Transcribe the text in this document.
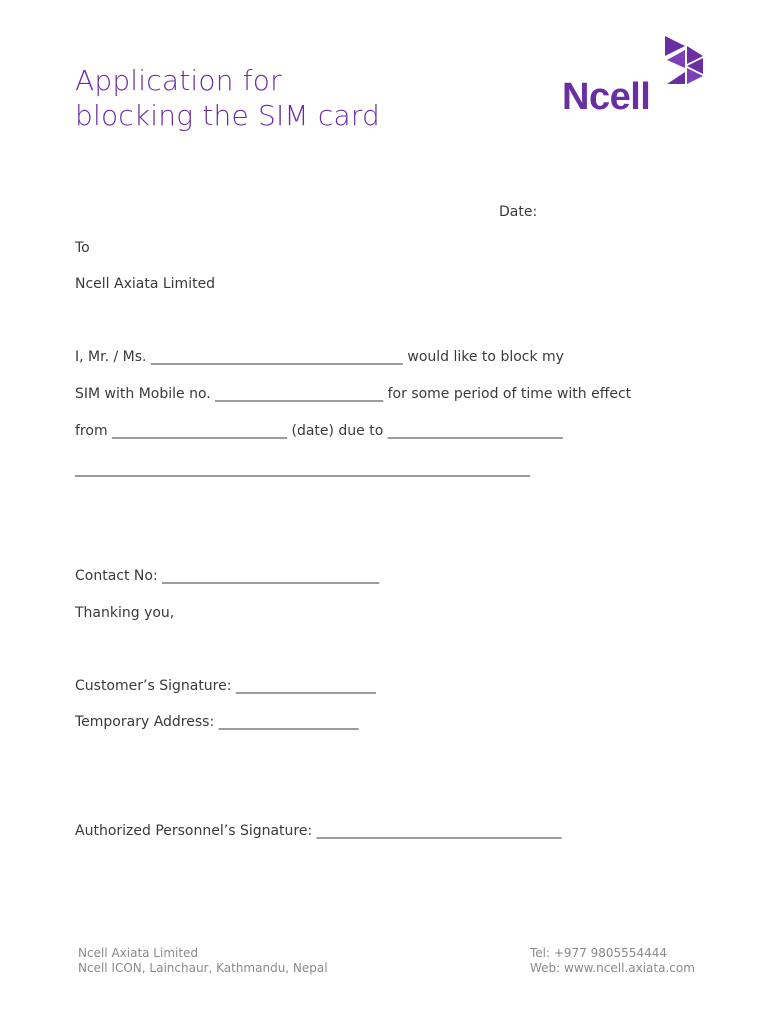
Application for
blocking the SIM card	Ncell
Date:
To
Ncell Axiata Limited
I, Mr. / Ms. ____________________________________ would like to block my
SIM with Mobile no. ________________________ for some period of time with effect
from _________________________ (date) due to _________________________
_________________________________________________________________
Contact No: _______________________________
Thanking you,
Customer’s Signature: ____________________
Temporary Address: ____________________
Authorized Personnel’s Signature: ___________________________________
Ncell Axiata Limited
Ncell ICON, Lainchaur, Kathmandu, Nepal
Tel: +977 9805554444
Web: www.ncell.axiata.com
